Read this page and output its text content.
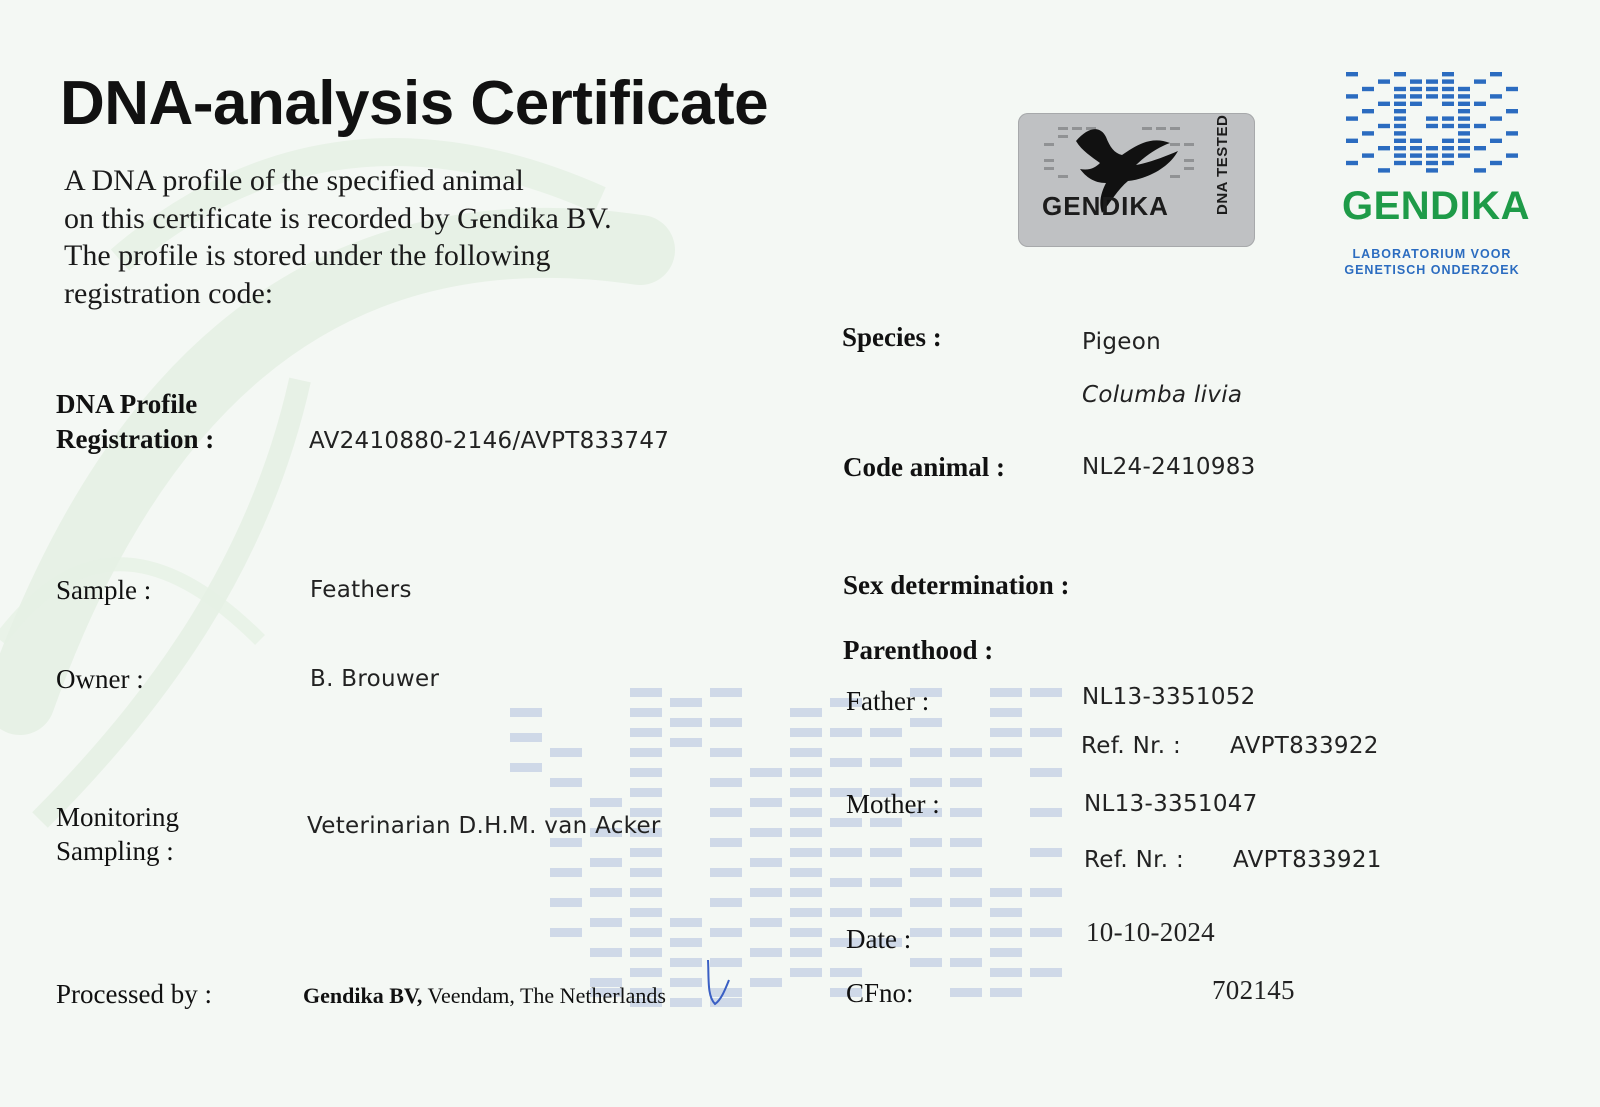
DNA-analysis Certificate
A DNA profile of the specified animal
on this certificate is recorded by Gendika BV.
The profile is stored under the following
registration code:
DNA Profile
Registration :	AV2410880-2146/AVPT833747
Sample :	Feathers
Owner :	B. Brouwer
Monitoring
Sampling :
Veterinarian D.H.M. van Acker
Processed by :	Gendika BV, Veendam, The Netherlands
Species :	Pigeon
Columba livia
Code animal :	NL24-2410983
Sex determination :
Parenthood :
Father :	NL13-3351052
Ref. Nr. : AVPT833922
Mother :	NL13-3351047
Ref. Nr. : AVPT833921
Date :	10-10-2024
CFno:	702145
GENDIKA	DNA TESTED	GENDIKA
LABORATORIUM VOOR
GENETISCH ONDERZOEK
